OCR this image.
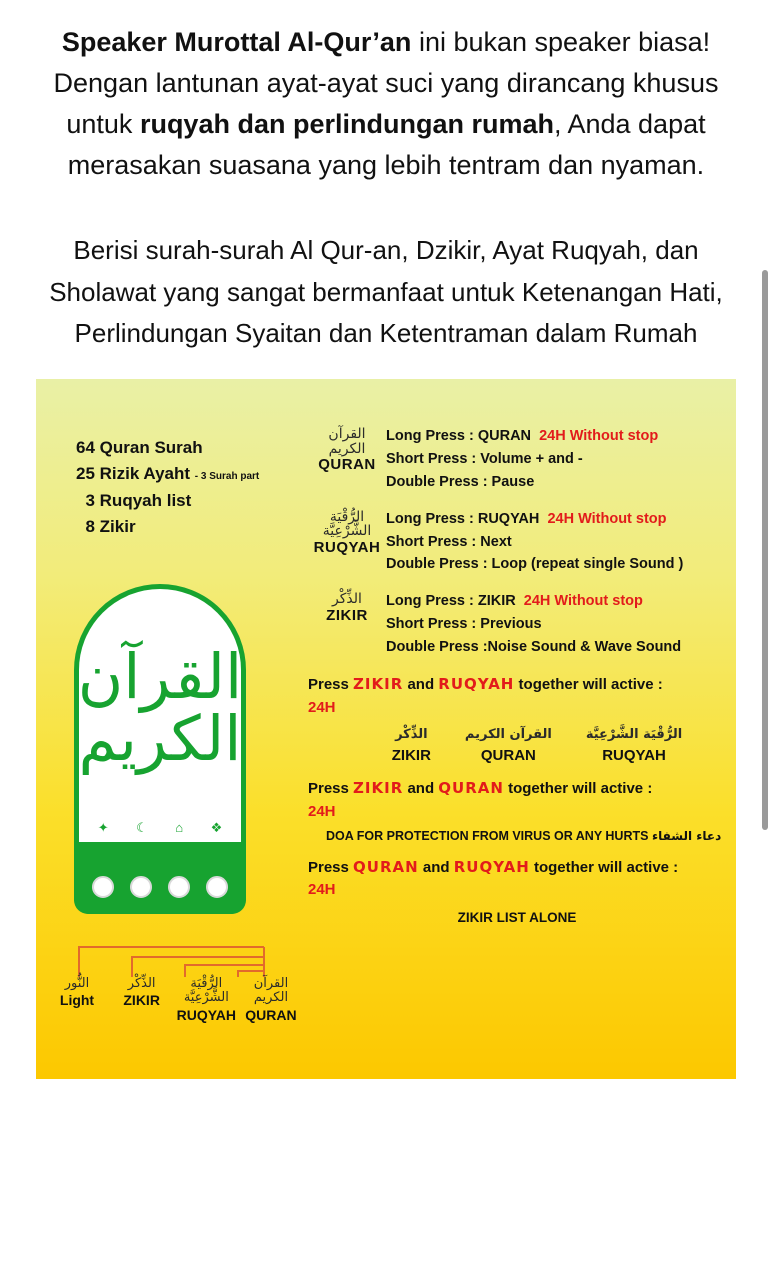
Speaker Murottal Al-Qur’an ini bukan speaker biasa! Dengan lantunan ayat-ayat suci yang dirancang khusus untuk ruqyah dan perlindungan rumah, Anda dapat merasakan suasana yang lebih tentram dan nyaman.

Berisi surah-surah Al Qur-an, Dzikir, Ayat Ruqyah, dan Sholawat yang sangat bermanfaat untuk Ketenangan Hati, Perlindungan Syaitan dan Ketentraman dalam Rumah

64 Quran Surah
25 Rizik Ayaht - 3 Surah part
3 Ruqyah list
8 Zikir
القرآن الكريم
✦ ☾ ⌂ ❖
النُّور
Light
الذِّكْر
ZIKIR
الرُّقْيَة الشَّرْعِيَّة
RUQYAH
القرآن الكريم
QURAN
القرآن الكريم
QURAN
Long Press : QURAN 24H Without stop
Short Press : Volume + and -
Double Press : Pause
الرُّقْيَة الشَّرْعِيَّة
RUQYAH
Long Press : RUQYAH 24H Without stop
Short Press : Next
Double Press : Loop (repeat single Sound )
الذِّكْر
ZIKIR
Long Press : ZIKIR 24H Without stop
Short Press : Previous
Double Press :Noise Sound & Wave Sound
Press ZIKIR and RUQYAH together will active :
24H
الذِّكْر
ZIKIR
القرآن الكريم
QURAN
الرُّقْيَة الشَّرْعِيَّة
RUQYAH
Press ZIKIR and QURAN together will active :
24H
DOA FOR PROTECTION FROM VIRUS OR ANY HURTS دعاء الشفاء
Press QURAN and RUQYAH together will active :
24H
ZIKIR LIST ALONE
